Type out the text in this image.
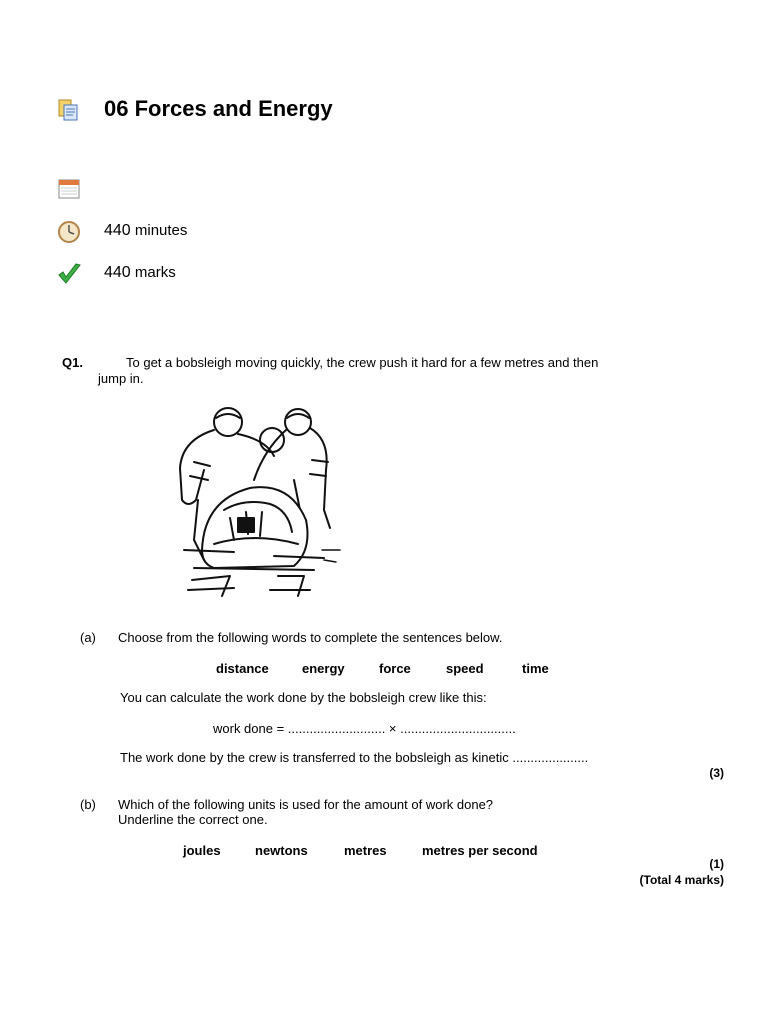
06 Forces and Energy
440 minutes
440 marks
Q1.	To get a bobsleigh moving quickly, the crew push it hard for a few metres and then
jump in.
(a) Choose from the following words to complete the sentences below.
distance	energy	force	speed	time
You can calculate the work done by the bobsleigh crew like this:
work done = ........................... × ................................
The work done by the crew is transferred to the bobsleigh as kinetic .....................
(3)
(b) Which of the following units is used for the amount of work done?
Underline the correct one.
joules	newtons	metres	metres per second
(1)
(Total 4 marks)
